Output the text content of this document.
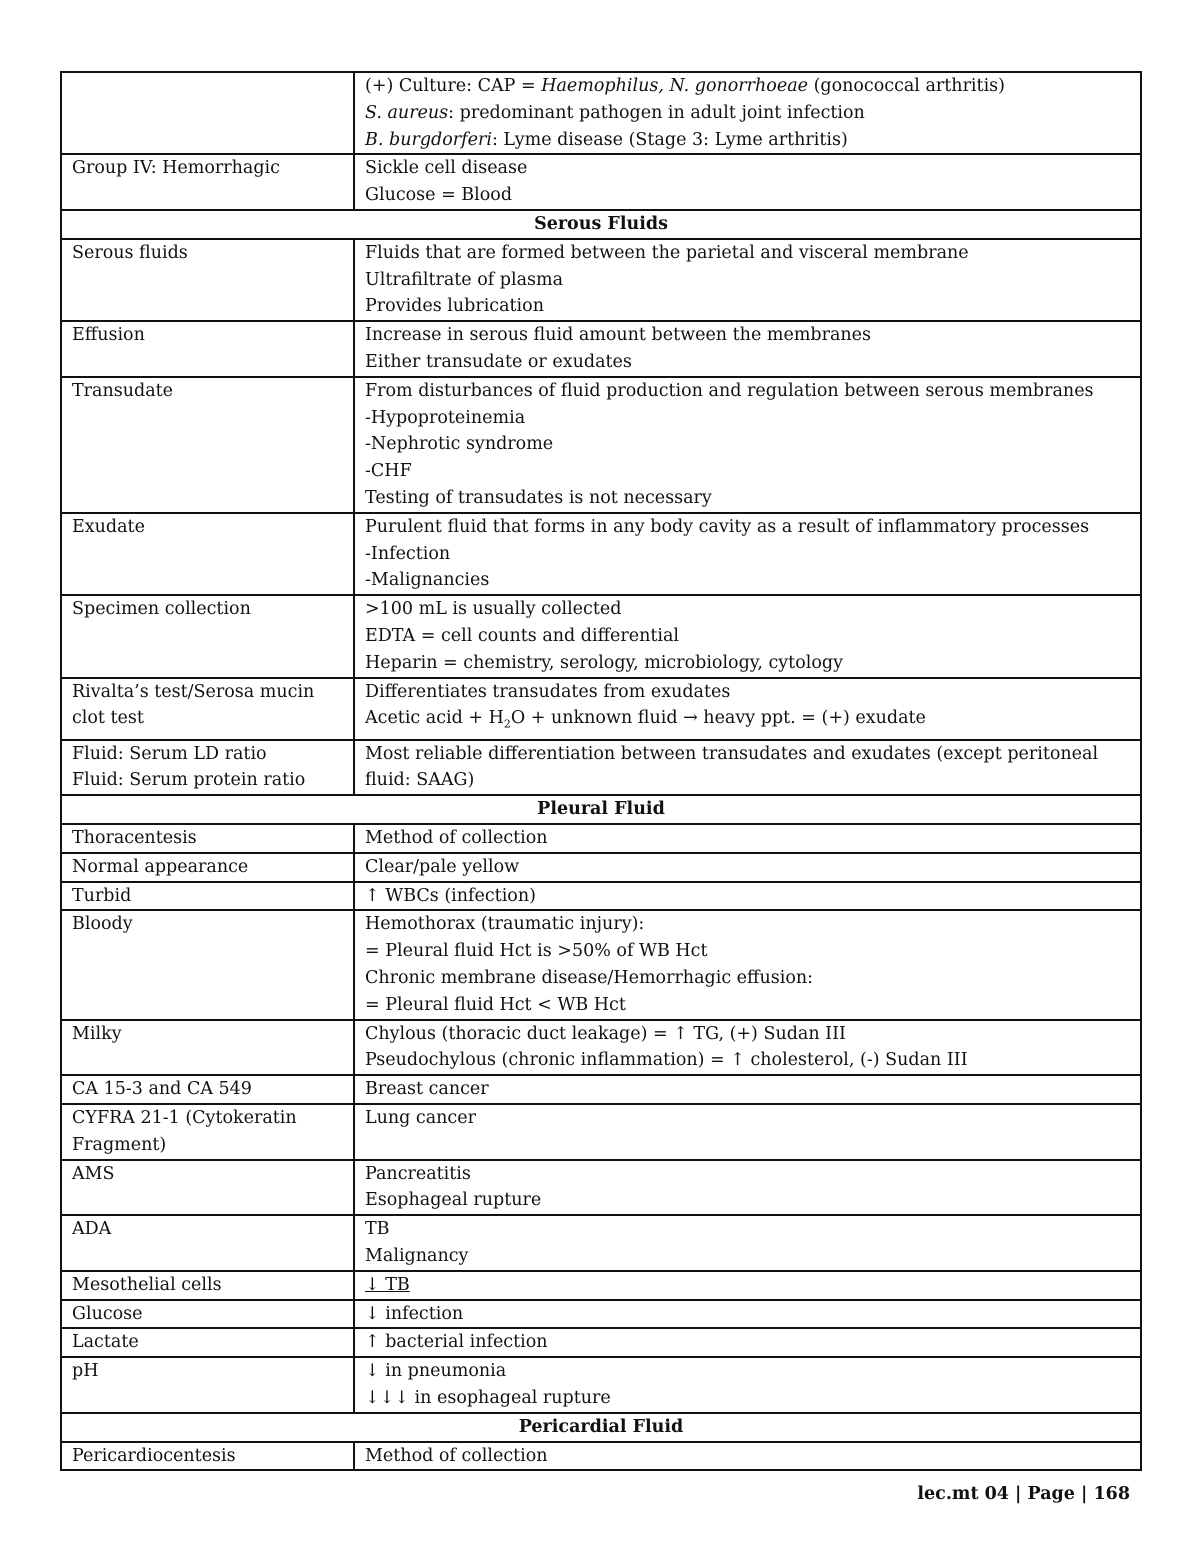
	(+) Culture: CAP = Haemophilus, N. gonorrhoeae (gonococcal arthritis)
S. aureus: predominant pathogen in adult joint infection
B. burgdorferi: Lyme disease (Stage 3: Lyme arthritis)

Group IV: Hemorrhagic	Sickle cell disease
Glucose = Blood

Serous Fluids	

Serous fluids	Fluids that are formed between the parietal and visceral membrane
Ultrafiltrate of plasma
Provides lubrication

Effusion	Increase in serous fluid amount between the membranes
Either transudate or exudates

Transudate	From disturbances of fluid production and regulation between serous membranes
-Hypoproteinemia
-Nephrotic syndrome
-CHF
Testing of transudates is not necessary

Exudate	Purulent fluid that forms in any body cavity as a result of inflammatory processes
-Infection
-Malignancies

Specimen collection	>100 mL is usually collected
EDTA = cell counts and differential
Heparin = chemistry, serology, microbiology, cytology

Rivalta’s test/Serosa mucin clot test	Differentiates transudates from exudates
Acetic acid + $H_2O$ + unknown fluid → heavy ppt. = (+) exudate

Fluid: Serum LD ratio
Fluid: Serum protein ratio	Most reliable differentiation between transudates and exudates (except peritoneal fluid: SAAG)

Pleural Fluid	

Thoracentesis	Method of collection

Normal appearance	Clear/pale yellow

Turbid	↑ WBCs (infection)

Bloody	Hemothorax (traumatic injury):
= Pleural fluid Hct is >50% of WB Hct
Chronic membrane disease/Hemorrhagic effusion:
= Pleural fluid Hct < WB Hct

Milky	Chylous (thoracic duct leakage) = ↑ TG, (+) Sudan III
Pseudochylous (chronic inflammation) = ↑ cholesterol, (-) Sudan III

CA 15-3 and CA 549	Breast cancer

CYFRA 21-1 (Cytokeratin Fragment)	Lung cancer

AMS	Pancreatitis
Esophageal rupture

ADA	TB
Malignancy

Mesothelial cells	↓ TB

Glucose	↓ infection

Lactate	↑ bacterial infection

pH	↓ in pneumonia
↓↓↓ in esophageal rupture

Pericardial Fluid	

Pericardiocentesis	Method of collection
lec.mt 04 | Page | 168
